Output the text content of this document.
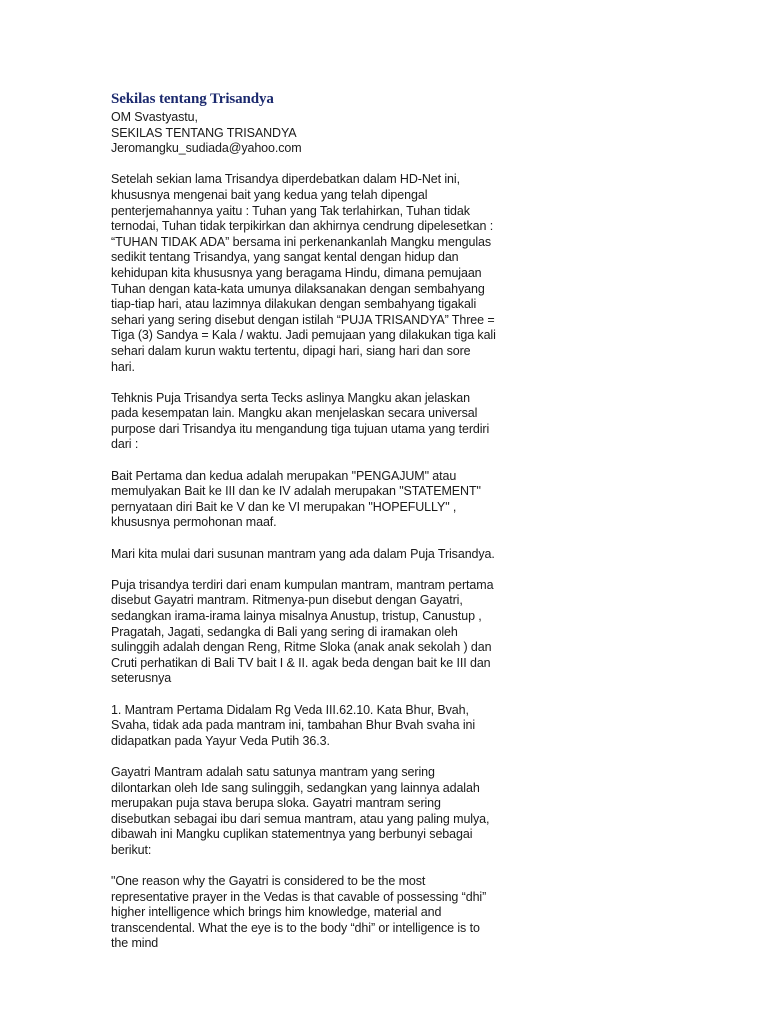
Sekilas tentang Trisandya
OM Svastyastu,
SEKILAS TENTANG TRISANDYA
Jeromangku_sudiada@yahoo.com

Setelah sekian lama Trisandya diperdebatkan dalam HD-Net ini,
khususnya mengenai bait yang kedua yang telah dipengal
penterjemahannya yaitu : Tuhan yang Tak terlahirkan, Tuhan tidak
ternodai, Tuhan tidak terpikirkan dan akhirnya cendrung dipelesetkan :
“TUHAN TIDAK ADA” bersama ini perkenankanlah Mangku mengulas
sedikit tentang Trisandya, yang sangat kental dengan hidup dan
kehidupan kita khususnya yang beragama Hindu, dimana pemujaan
Tuhan dengan kata-kata umunya dilaksanakan dengan sembahyang
tiap-tiap hari, atau lazimnya dilakukan dengan sembahyang tigakali
sehari yang sering disebut dengan istilah “PUJA TRISANDYA” Three =
Tiga (3) Sandya = Kala / waktu. Jadi pemujaan yang dilakukan tiga kali
sehari dalam kurun waktu tertentu, dipagi hari, siang hari dan sore
hari.

Tehknis Puja Trisandya serta Tecks aslinya Mangku akan jelaskan
pada kesempatan lain. Mangku akan menjelaskan secara universal
purpose dari Trisandya itu mengandung tiga tujuan utama yang terdiri
dari :

Bait Pertama dan kedua adalah merupakan "PENGAJUM" atau
memulyakan Bait ke III dan ke IV adalah merupakan "STATEMENT"
pernyataan diri Bait ke V dan ke VI merupakan "HOPEFULLY" ,
khususnya permohonan maaf.

Mari kita mulai dari susunan mantram yang ada dalam Puja Trisandya.

Puja trisandya terdiri dari enam kumpulan mantram, mantram pertama
disebut Gayatri mantram. Ritmenya-pun disebut dengan Gayatri,
sedangkan irama-irama lainya misalnya Anustup, tristup, Canustup ,
Pragatah, Jagati, sedangka di Bali yang sering di iramakan oleh
sulinggih adalah dengan Reng, Ritme Sloka (anak anak sekolah ) dan
Cruti perhatikan di Bali TV bait I & II. agak beda dengan bait ke III dan
seterusnya

1. Mantram Pertama Didalam Rg Veda III.62.10. Kata Bhur, Bvah,
Svaha, tidak ada pada mantram ini, tambahan Bhur Bvah svaha ini
didapatkan pada Yayur Veda Putih 36.3.

Gayatri Mantram adalah satu satunya mantram yang sering
dilontarkan oleh Ide sang sulinggih, sedangkan yang lainnya adalah
merupakan puja stava berupa sloka. Gayatri mantram sering
disebutkan sebagai ibu dari semua mantram, atau yang paling mulya,
dibawah ini Mangku cuplikan statementnya yang berbunyi sebagai
berikut:

"One reason why the Gayatri is considered to be the most
representative prayer in the Vedas is that cavable of possessing “dhi”
higher intelligence which brings him knowledge, material and
transcendental. What the eye is to the body “dhi” or intelligence is to
the mind
